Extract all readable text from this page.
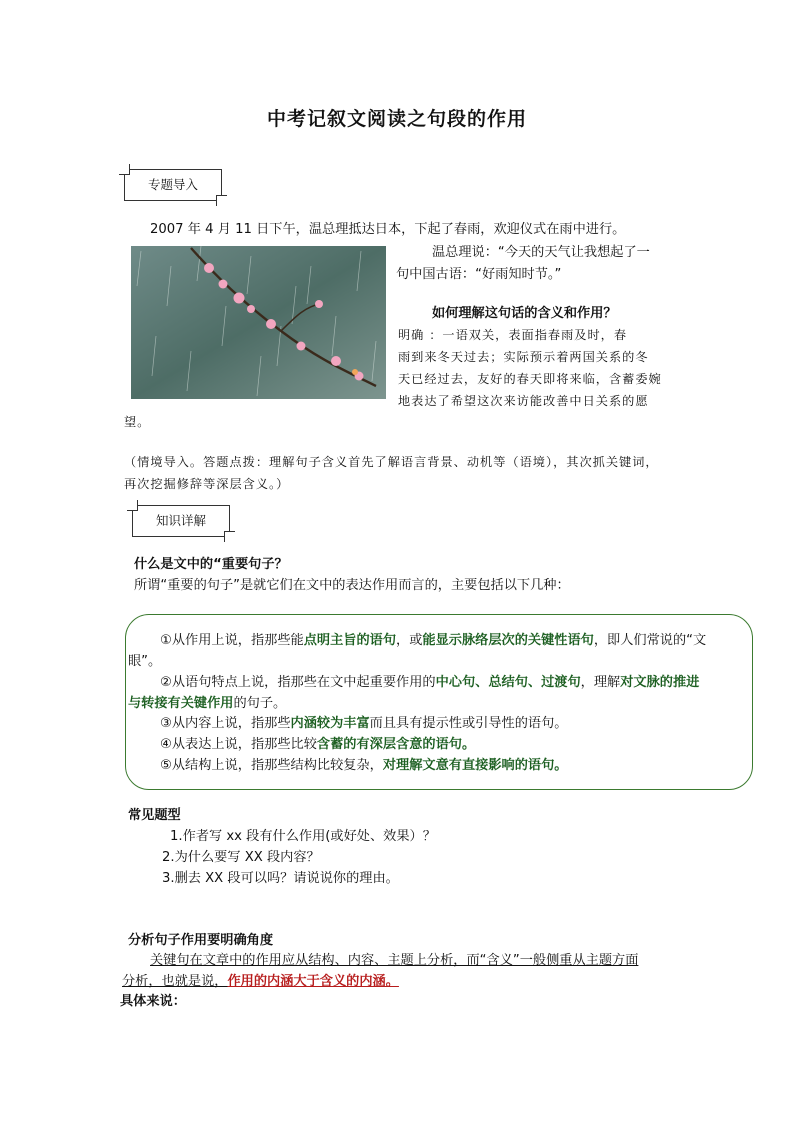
中考记叙文阅读之句段的作用
专题导入
2007 年 4 月 11 日下午，温总理抵达日本，下起了春雨，欢迎仪式在雨中进行。
温总理说：“今天的天气让我想起了一
句中国古语：“好雨知时节。”
如何理解这句话的含义和作用？
明确 ：一语双关，表面指春雨及时，春
雨到来冬天过去；实际预示着两国关系的冬
天已经过去，友好的春天即将来临，含蓄委婉
地表达了希望这次来访能改善中日关系的愿
望。
（情境导入。答题点拨：理解句子含义首先了解语言背景、动机等（语境），其次抓关键词，
再次挖掘修辞等深层含义。）
知识详解
什么是文中的“重要句子？
所谓“重要的句子”是就它们在文中的表达作用而言的，主要包括以下几种：
①从作用上说，指那些能点明主旨的语句，或能显示脉络层次的关键性语句，即人们常说的“文
眼”。
②从语句特点上说，指那些在文中起重要作用的中心句、总结句、过渡句，理解对文脉的推进
与转接有关键作用的句子。
③从内容上说，指那些内涵较为丰富而且具有提示性或引导性的语句。
④从表达上说，指那些比较含蓄的有深层含意的语句。
⑤从结构上说，指那些结构比较复杂，对理解文意有直接影响的语句。
常见题型
1.作者写 xx 段有什么作用(或好处、效果）？
2.为什么要写 XX 段内容？
3.删去 XX 段可以吗？请说说你的理由。
分析句子作用要明确角度
关键句在文章中的作用应从结构、内容、主题上分析，而“含义”一般侧重从主题方面
分析，也就是说，作用的内涵大于含义的内涵。
具体来说：
